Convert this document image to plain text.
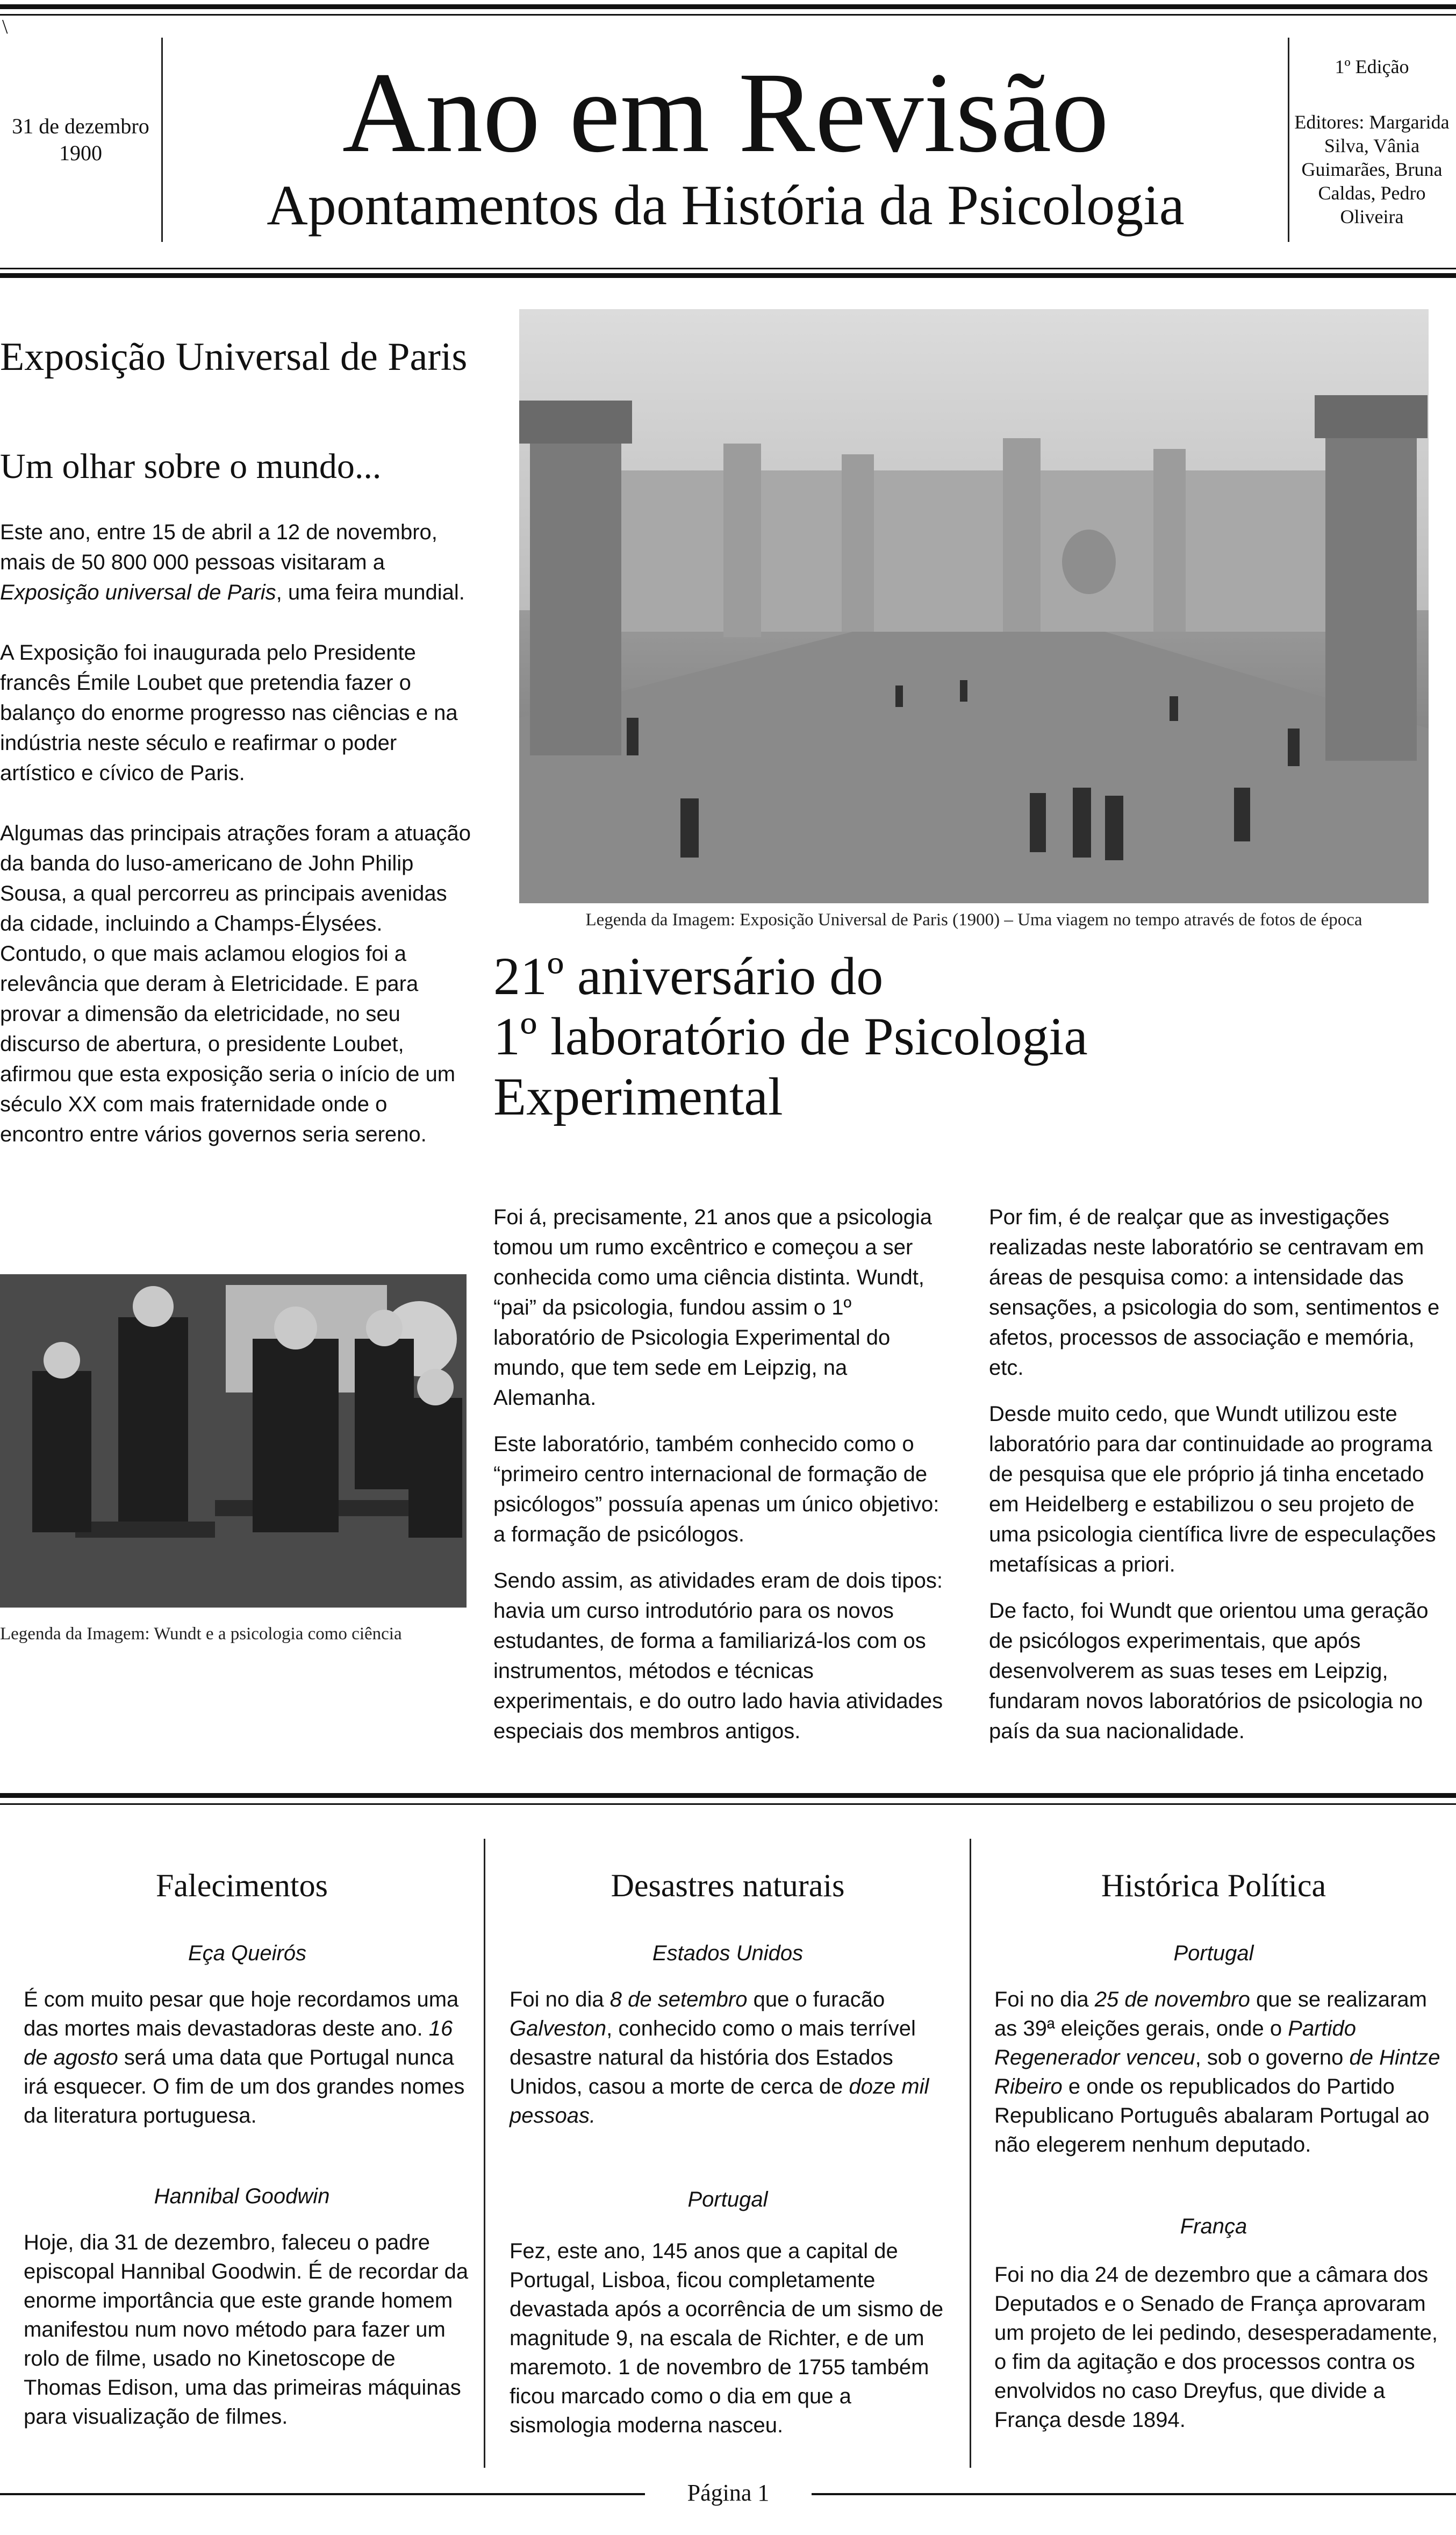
\
31 de dezembro 1900	Ano em Revisão
Apontamentos da História da Psicologia
1º Edição
Editores: Margarida Silva, Vânia Guimarães, Bruna Caldas, Pedro Oliveira
Exposição Universal de Paris
Um olhar sobre o mundo...

Este ano, entre 15 de abril a 12 de novembro, mais de 50 800 000 pessoas visitaram a Exposição universal de Paris, uma feira mundial.

A Exposição foi inaugurada pelo Presidente francês Émile Loubet que pretendia fazer o balanço do enorme progresso nas ciências e na indústria neste século e reafirmar o poder artístico e cívico de Paris.

Algumas das principais atrações foram a atuação da banda do luso-americano de John Philip Sousa, a qual percorreu as principais avenidas da cidade, incluindo a Champs-Élysées. Contudo, o que mais aclamou elogios foi a relevância que deram à Eletricidade. E para provar a dimensão da eletricidade, no seu discurso de abertura, o presidente Loubet, afirmou que esta exposição seria o início de um século XX com mais fraternidade onde o encontro entre vários governos seria sereno.

Legenda da Imagem: Exposição Universal de Paris (1900) – Uma viagem no tempo através de fotos de época
Legenda da Imagem: Wundt e a psicologia como ciência
21º aniversário do
1º laboratório de Psicologia
Experimental

Foi á, precisamente, 21 anos que a psicologia tomou um rumo excêntrico e começou a ser conhecida como uma ciência distinta. Wundt, “pai” da psicologia, fundou assim o 1º laboratório de Psicologia Experimental do mundo, que tem sede em Leipzig, na Alemanha.

Este laboratório, também conhecido como o “primeiro centro internacional de formação de psicólogos” possuía apenas um único objetivo: a formação de psicólogos.

Sendo assim, as atividades eram de dois tipos: havia um curso introdutório para os novos estudantes, de forma a familiarizá-los com os instrumentos, métodos e técnicas experimentais, e do outro lado havia atividades especiais dos membros antigos.

Por fim, é de realçar que as investigações realizadas neste laboratório se centravam em áreas de pesquisa como: a intensidade das sensações, a psicologia do som, sentimentos e afetos, processos de associação e memória, etc.

Desde muito cedo, que Wundt utilizou este laboratório para dar continuidade ao programa de pesquisa que ele próprio já tinha encetado em Heidelberg e estabilizou o seu projeto de uma psicologia científica livre de especulações metafísicas a priori.

De facto, foi Wundt que orientou uma geração de psicólogos experimentais, que após desenvolverem as suas teses em Leipzig, fundaram novos laboratórios de psicologia no país da sua nacionalidade.

Falecimentos
Eça Queirós
É com muito pesar que hoje recordamos uma das mortes mais devastadoras deste ano. 16 de agosto será uma data que Portugal nunca irá esquecer. O fim de um dos grandes nomes da literatura portuguesa.
Hannibal Goodwin
Hoje, dia 31 de dezembro, faleceu o padre episcopal Hannibal Goodwin. É de recordar da enorme importância que este grande homem manifestou num novo método para fazer um rolo de filme, usado no Kinetoscope de Thomas Edison, uma das primeiras máquinas para visualização de filmes.
Desastres naturais
Estados Unidos
Foi no dia 8 de setembro que o furacão Galveston, conhecido como o mais terrível desastre natural da história dos Estados Unidos, casou a morte de cerca de doze mil pessoas.
Portugal
Fez, este ano, 145 anos que a capital de Portugal, Lisboa, ficou completamente devastada após a ocorrência de um sismo de magnitude 9, na escala de Richter, e de um maremoto. 1 de novembro de 1755 também ficou marcado como o dia em que a sismologia moderna nasceu.
Histórica Política
Portugal
Foi no dia 25 de novembro que se realizaram as 39ª eleições gerais, onde o Partido Regenerador venceu, sob o governo de Hintze Ribeiro e onde os republicados do Partido Republicano Português abalaram Portugal ao não elegerem nenhum deputado.
França
Foi no dia 24 de dezembro que a câmara dos Deputados e o Senado de França aprovaram um projeto de lei pedindo, desesperadamente, o fim da agitação e dos processos contra os envolvidos no caso Dreyfus, que divide a França desde 1894.
Página 1
